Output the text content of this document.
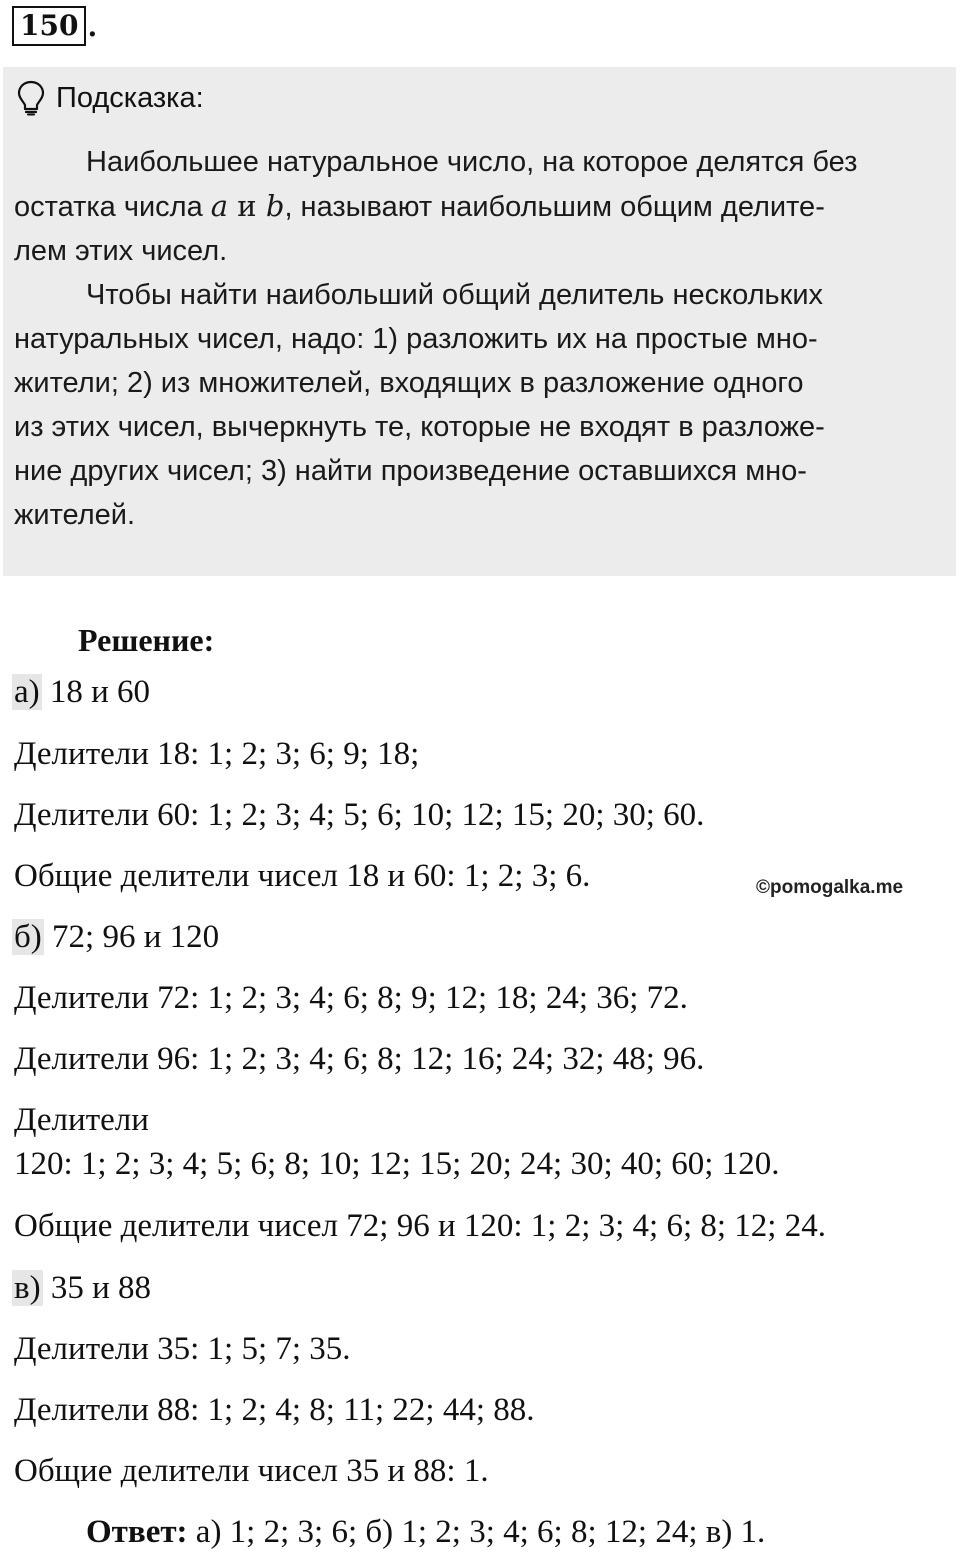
150 .
Подсказка:
Наибольшее натуральное число, на которое делятся без
остатка числа a и b, называют наибольшим общим делите-
лем этих чисел.
Чтобы найти наибольший общий делитель нескольких
натуральных чисел, надо: 1) разложить их на простые мно-
жители; 2) из множителей, входящих в разложение одного
из этих чисел, вычеркнуть те, которые не входят в разложе-
ние других чисел; 3) найти произведение оставшихся мно-
жителей.
Решение:
а) 18 и 60
Делители 18: 1; 2; 3; 6; 9; 18;
Делители 60: 1; 2; 3; 4; 5; 6; 10; 12; 15; 20; 30; 60.
Общие делители чисел 18 и 60: 1; 2; 3; 6.	©pomogalka.me
б) 72; 96 и 120
Делители 72: 1; 2; 3; 4; 6; 8; 9; 12; 18; 24; 36; 72.
Делители 96: 1; 2; 3; 4; 6; 8; 12; 16; 24; 32; 48; 96.
Делители
120: 1; 2; 3; 4; 5; 6; 8; 10; 12; 15; 20; 24; 30; 40; 60; 120.
Общие делители чисел 72; 96 и 120: 1; 2; 3; 4; 6; 8; 12; 24.
в) 35 и 88
Делители 35: 1; 5; 7; 35.
Делители 88: 1; 2; 4; 8; 11; 22; 44; 88.
Общие делители чисел 35 и 88: 1.
Ответ: а) 1; 2; 3; 6; б) 1; 2; 3; 4; 6; 8; 12; 24; в) 1.
